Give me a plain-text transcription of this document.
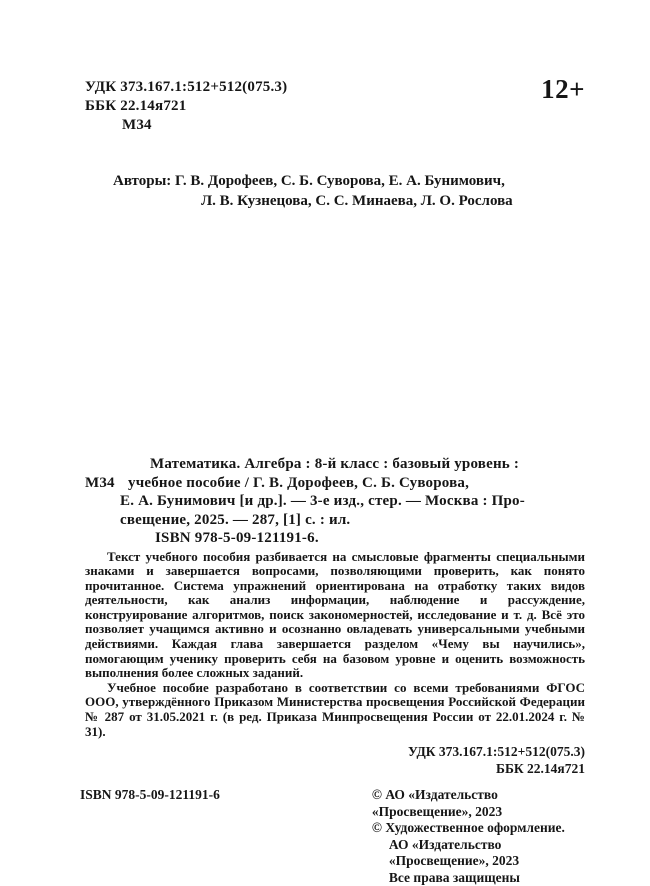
УДК 373.167.1:512+512(075.3)
ББК 22.14я721
М34
12+
Авторы: Г. В. Дорофеев, С. Б. Суворова, Е. А. Бунимович,
Л. В. Кузнецова, С. С. Минаева, Л. О. Рослова
Математика. Алгебра : 8-й класс : базовый уровень :
М34 учебное пособие / Г. В. Дорофеев, С. Б. Суворова,
Е. А. Бунимович [и др.]. — 3-е изд., стер. — Москва : Про-
свещение, 2025. — 287, [1] с. : ил.
ISBN 978-5-09-121191-6.

Текст учебного пособия разбивается на смысловые фрагменты специальными знаками и завершается вопросами, позволяющими проверить, как понято прочитанное. Система упражнений ориентирована на отработку таких видов деятельности, как анализ информации, наблюдение и рассуждение, конструирование алгоритмов, поиск закономерностей, исследование и т. д. Всё это позволяет учащимся активно и осознанно овладевать универсальными учебными действиями. Каждая глава завершается разделом «Чему вы научились», помогающим ученику проверить себя на базовом уровне и оценить возможность выполнения более сложных заданий.

Учебное пособие разработано в соответствии со всеми требованиями ФГОС ООО, утверждённого Приказом Министерства просвещения Российской Федерации № 287 от 31.05.2021 г. (в ред. Приказа Минпросвещения России от 22.01.2024 г. № 31).

УДК 373.167.1:512+512(075.3)
ББК 22.14я721
ISBN 978-5-09-121191-6	© АО «Издательство «Просвещение», 2023
© Художественное оформление.
АО «Издательство «Просвещение», 2023
Все права защищены
